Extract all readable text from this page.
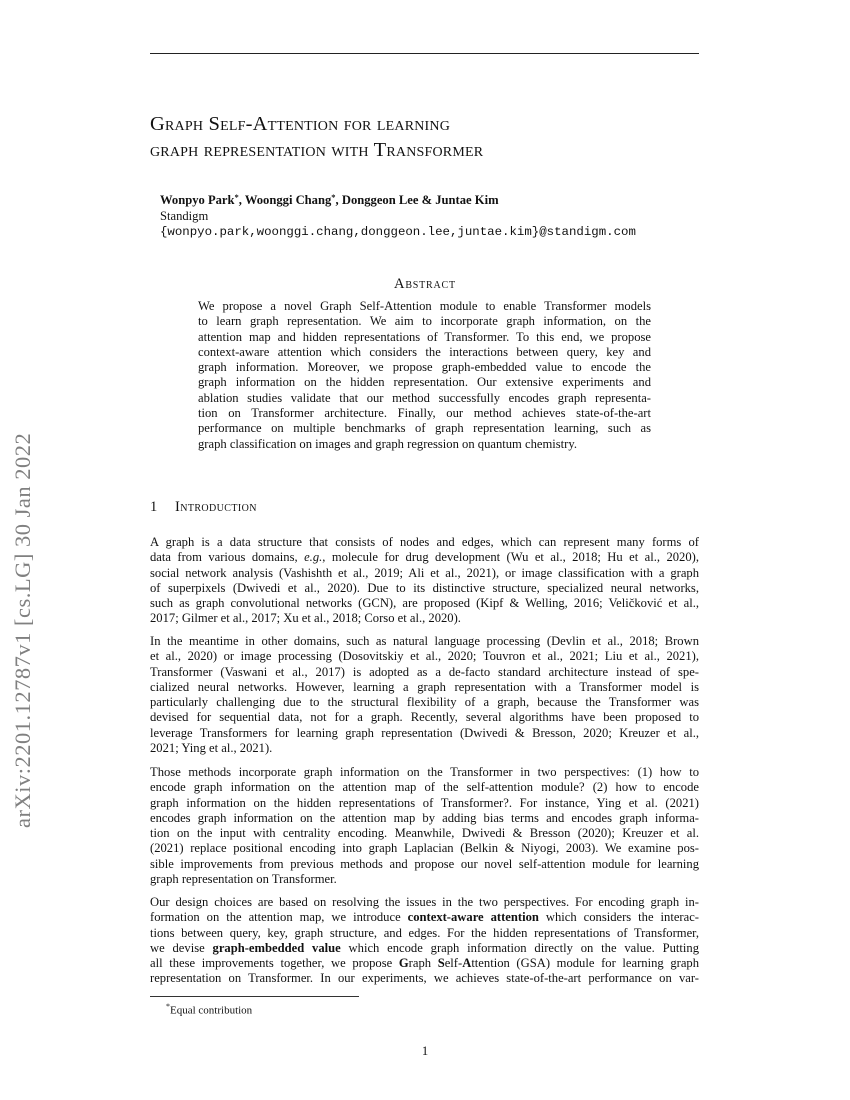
arXiv:2201.12787v1 [cs.LG] 30 Jan 2022
Graph Self-Attention for learning
graph representation with Transformer
Wonpyo Park*, Woonggi Chang*, Donggeon Lee & Juntae Kim
Standigm
{wonpyo.park,woonggi.chang,donggeon.lee,juntae.kim}@standigm.com
Abstract
We propose a novel Graph Self-Attention module to enable Transformer models
to learn graph representation. We aim to incorporate graph information, on the
attention map and hidden representations of Transformer. To this end, we propose
context-aware attention which considers the interactions between query, key and
graph information. Moreover, we propose graph-embedded value to encode the
graph information on the hidden representation. Our extensive experiments and
ablation studies validate that our method successfully encodes graph representa-
tion on Transformer architecture. Finally, our method achieves state-of-the-art
performance on multiple benchmarks of graph representation learning, such as
graph classification on images and graph regression on quantum chemistry.
1 Introduction
A graph is a data structure that consists of nodes and edges, which can represent many forms of
data from various domains, e.g., molecule for drug development (Wu et al., 2018; Hu et al., 2020),
social network analysis (Vashishth et al., 2019; Ali et al., 2021), or image classification with a graph
of superpixels (Dwivedi et al., 2020). Due to its distinctive structure, specialized neural networks,
such as graph convolutional networks (GCN), are proposed (Kipf & Welling, 2016; Veličković et al.,
2017; Gilmer et al., 2017; Xu et al., 2018; Corso et al., 2020).
In the meantime in other domains, such as natural language processing (Devlin et al., 2018; Brown
et al., 2020) or image processing (Dosovitskiy et al., 2020; Touvron et al., 2021; Liu et al., 2021),
Transformer (Vaswani et al., 2017) is adopted as a de-facto standard architecture instead of spe-
cialized neural networks. However, learning a graph representation with a Transformer model is
particularly challenging due to the structural flexibility of a graph, because the Transformer was
devised for sequential data, not for a graph. Recently, several algorithms have been proposed to
leverage Transformers for learning graph representation (Dwivedi & Bresson, 2020; Kreuzer et al.,
2021; Ying et al., 2021).
Those methods incorporate graph information on the Transformer in two perspectives: (1) how to
encode graph information on the attention map of the self-attention module? (2) how to encode
graph information on the hidden representations of Transformer?. For instance, Ying et al. (2021)
encodes graph information on the attention map by adding bias terms and encodes graph informa-
tion on the input with centrality encoding. Meanwhile, Dwivedi & Bresson (2020); Kreuzer et al.
(2021) replace positional encoding into graph Laplacian (Belkin & Niyogi, 2003). We examine pos-
sible improvements from previous methods and propose our novel self-attention module for learning
graph representation on Transformer.
Our design choices are based on resolving the issues in the two perspectives. For encoding graph in-
formation on the attention map, we introduce context-aware attention which considers the interac-
tions between query, key, graph structure, and edges. For the hidden representations of Transformer,
we devise graph-embedded value which encode graph information directly on the value. Putting
all these improvements together, we propose Graph Self-Attention (GSA) module for learning graph
representation on Transformer. In our experiments, we achieves state-of-the-art performance on var-
*Equal contribution
1
